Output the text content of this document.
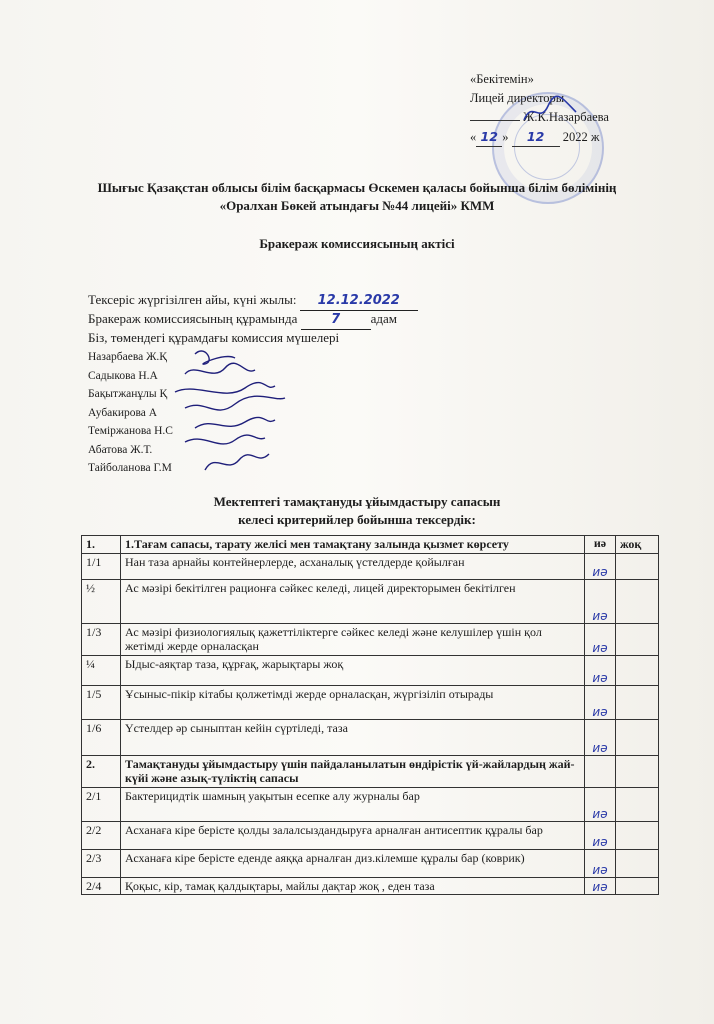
«Бекітемін»
Лицей директоры
Ж.К.Назарбаева
« 12 » 12 2022 ж
Шығыс Қазақстан облысы білім басқармасы Өскемен қаласы бойынша білім бөлімінің
«Оралхан Бөкей атындағы №44 лицейі» КММ
Бракераж комиссиясының актісі
Тексеріс жүргізілген айы, күні жылы: 12.12.2022
Бракераж комиссиясының құрамында	7 адам
Біз, төмендегі құрамдағы комиссия мүшелері
Назарбаева Ж.Қ
Садыкова Н.А
Бақытжанұлы Қ
Аубакирова А
Теміржанова Н.С
Абатова Ж.Т.
Тайболанова Г.М
Мектептегі тамақтануды ұйымдастыру сапасын
келесі критерийлер бойынша тексердік:
1.	1.Тағам сапасы, тарату желісі мен тамақтану залында қызмет көрсету	иә	жоқ
1/1	Нан таза арнайы контейнерлерде, асханалық үстелдерде қойылған	иә	
½	Ас мәзірі бекітілген рационға сәйкес келеді, лицей директорымен бекітілген	иә	
1/3	Ас мәзірі физиологиялық қажеттіліктерге сәйкес келеді және келушілер үшін қол жетімді жерде орналасқан	иә	
¼	Ыдыс-аяқтар таза, құрғақ, жарықтары жоқ	иә	
1/5	Ұсыныс-пікір кітабы қолжетімді жерде орналасқан, жүргізіліп отырады	иә	
1/6	Үстелдер әр сыныптан кейін сүртіледі, таза	иә	
2.	Тамақтануды ұйымдастыру үшін пайдаланылатын өндірістік үй-жайлардың жай-күйі және азық-түліктің сапасы		
2/1	Бактерицидтік шамның уақытын есепке алу журналы бар	иә	
2/2	Асханаға кіре берісте қолды залалсыздандыруға арналған антисептик құралы бар	иә	
2/3	Асханаға кіре берісте еденде аяққа арналған диз.кілемше құралы бар (коврик)	иә	
2/4	Қоқыс, кір, тамақ қалдықтары, майлы дақтар жоқ , еден таза	иә	
